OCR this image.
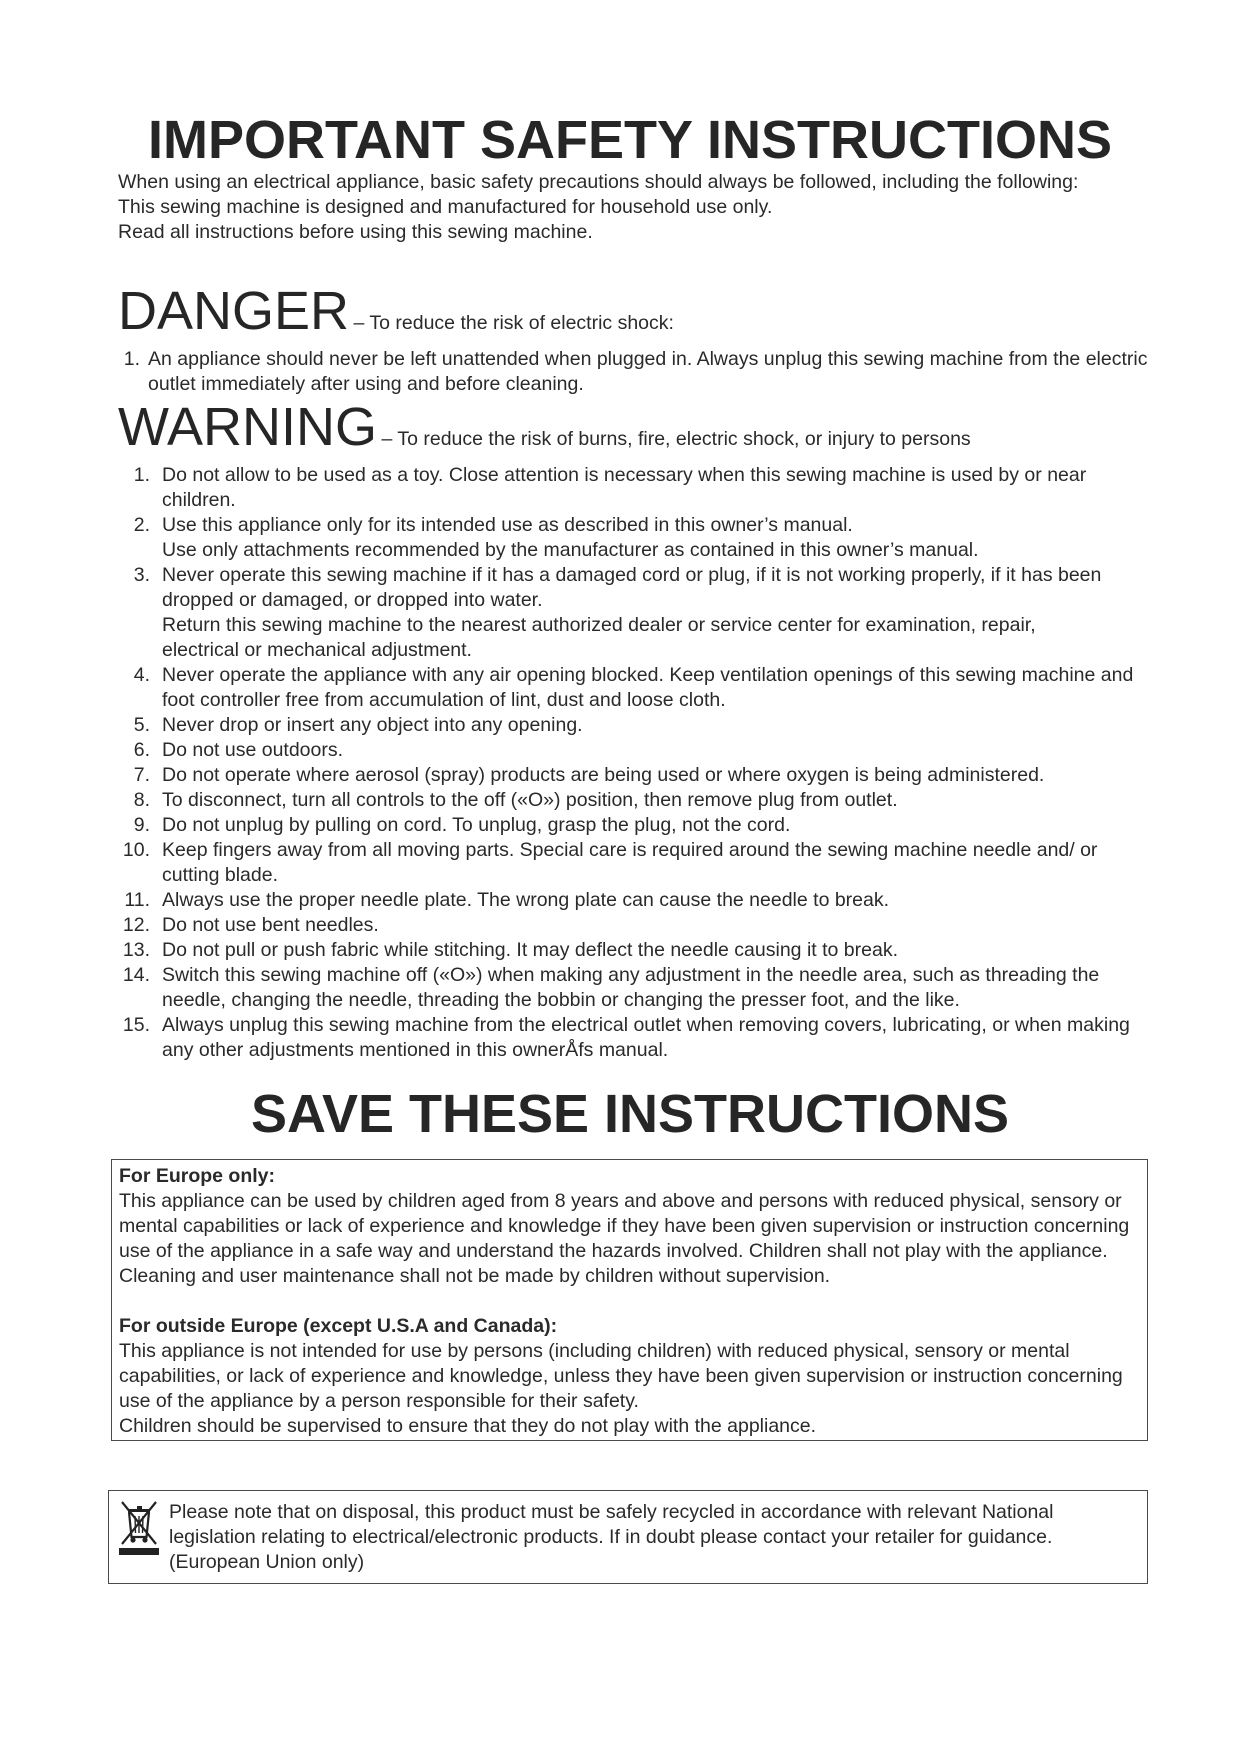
IMPORTANT SAFETY INSTRUCTIONS

When using an electrical appliance, basic safety precautions should always be followed, including the following:

This sewing machine is designed and manufactured for household use only.

Read all instructions before using this sewing machine.

DANGER – To reduce the risk of electric shock:
1. An appliance should never be left unattended when plugged in. Always unplug this sewing machine from the electric outlet immediately after using and before cleaning.
WARNING – To reduce the risk of burns, fire, electric shock, or injury to persons
1. Do not allow to be used as a toy. Close attention is necessary when this sewing machine is used by or near children.
2. Use this appliance only for its intended use as described in this owner’s manual.
Use only attachments recommended by the manufacturer as contained in this owner’s manual.
3. Never operate this sewing machine if it has a damaged cord or plug, if it is not working properly, if it has been dropped or damaged, or dropped into water.
Return this sewing machine to the nearest authorized dealer or service center for examination, repair, electrical or mechanical adjustment.
4. Never operate the appliance with any air opening blocked. Keep ventilation openings of this sewing machine and foot controller free from accumulation of lint, dust and loose cloth.
5. Never drop or insert any object into any opening.
6. Do not use outdoors.
7. Do not operate where aerosol (spray) products are being used or where oxygen is being administered.
8. To disconnect, turn all controls to the off («O») position, then remove plug from outlet.
9. Do not unplug by pulling on cord. To unplug, grasp the plug, not the cord.
10. Keep fingers away from all moving parts. Special care is required around the sewing machine needle and/ or cutting blade.
11. Always use the proper needle plate. The wrong plate can cause the needle to break.
12. Do not use bent needles.
13. Do not pull or push fabric while stitching. It may deflect the needle causing it to break.
14. Switch this sewing machine off («O») when making any adjustment in the needle area, such as threading the needle, changing the needle, threading the bobbin or changing the presser foot, and the like.
15. Always unplug this sewing machine from the electrical outlet when removing covers, lubricating, or when making any other adjustments mentioned in this ownerÅfs manual.
SAVE THESE INSTRUCTIONS
For Europe only:

This appliance can be used by children aged from 8 years and above and persons with reduced physical, sensory or mental capabilities or lack of experience and knowledge if they have been given supervision or instruction concerning use of the appliance in a safe way and understand the hazards involved. Children shall not play with the appliance. Cleaning and user maintenance shall not be made by children without supervision.

For outside Europe (except U.S.A and Canada):

This appliance is not intended for use by persons (including children) with reduced physical, sensory or mental capabilities, or lack of experience and knowledge, unless they have been given supervision or instruction concerning use of the appliance by a person responsible for their safety.

Children should be supervised to ensure that they do not play with the appliance.

Please note that on disposal, this product must be safely recycled in accordance with relevant National legislation relating to electrical/electronic products. If in doubt please contact your retailer for guidance.

(European Union only)
